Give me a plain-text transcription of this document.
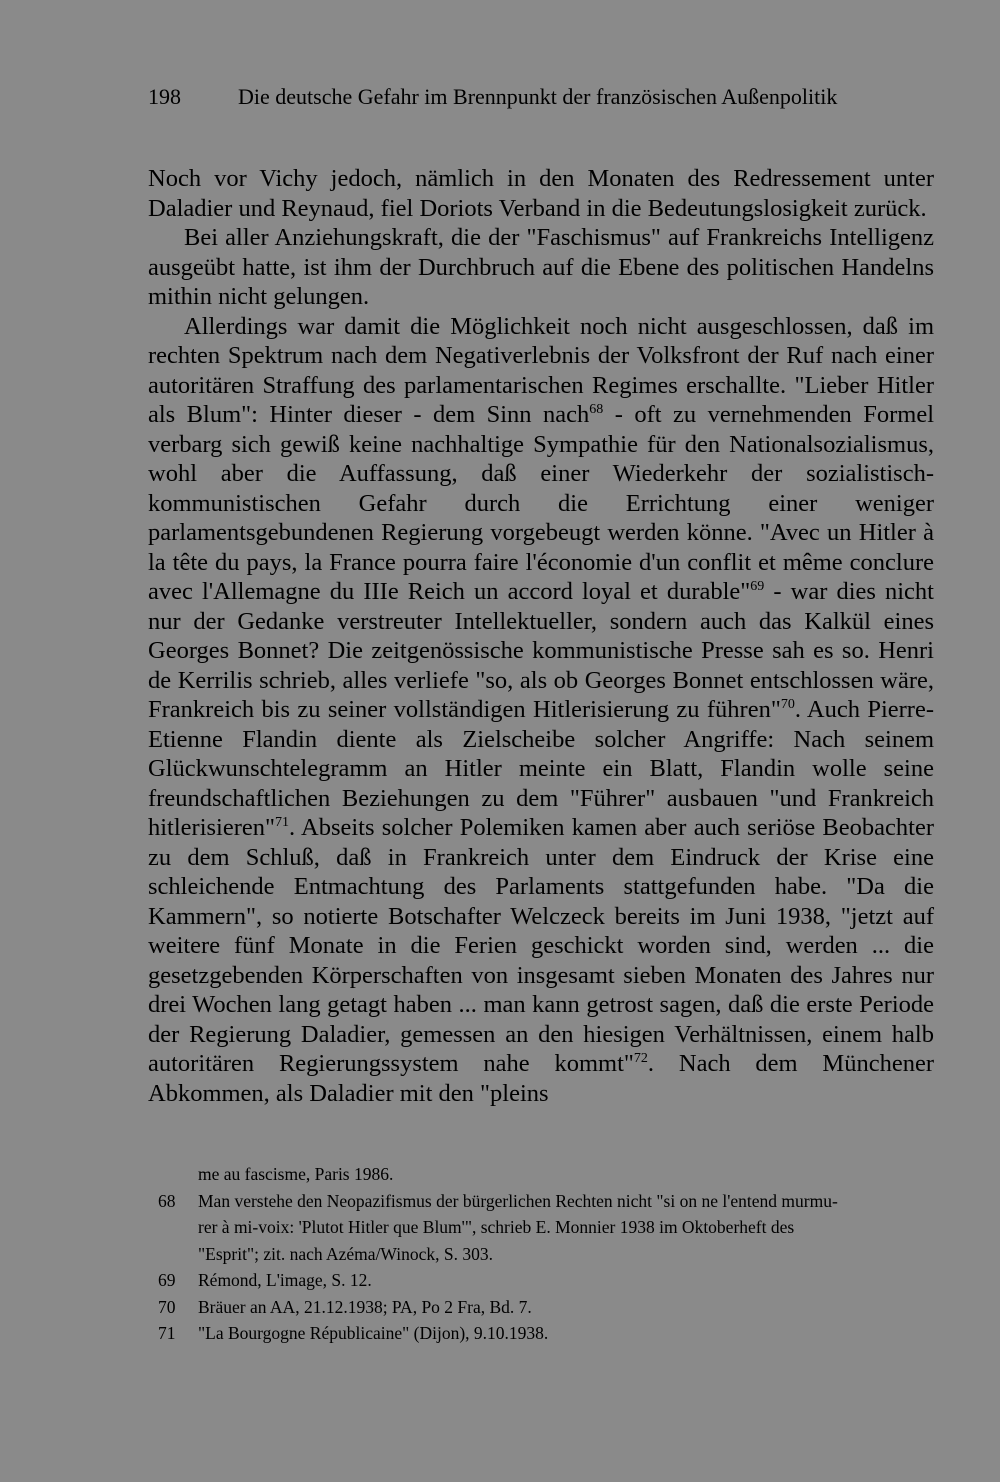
198	Die deutsche Gefahr im Brennpunkt der französischen Außenpolitik

Noch vor Vichy jedoch, nämlich in den Monaten des Redressement unter Daladier und Reynaud, fiel Doriots Verband in die Bedeutungslosigkeit zurück.

Bei aller Anziehungskraft, die der "Faschismus" auf Frankreichs Intelligenz ausgeübt hatte, ist ihm der Durchbruch auf die Ebene des politischen Handelns mithin nicht gelungen.

Allerdings war damit die Möglichkeit noch nicht ausgeschlossen, daß im rechten Spektrum nach dem Negativerlebnis der Volksfront der Ruf nach einer autoritären Straffung des parlamentarischen Regimes erschallte. "Lieber Hitler als Blum": Hinter dieser - dem Sinn nach$^{68}$ - oft zu vernehmenden Formel verbarg sich gewiß keine nachhaltige Sympathie für den Nationalsozialismus, wohl aber die Auffassung, daß einer Wiederkehr der sozialistisch-kommunistischen Gefahr durch die Errichtung einer weniger parlamentsgebundenen Regierung vorgebeugt werden könne. "Avec un Hitler à la tête du pays, la France pourra faire l'économie d'un conflit et même conclure avec l'Allemagne du IIIe Reich un accord loyal et durable"$^{69}$ - war dies nicht nur der Gedanke verstreuter Intellektueller, sondern auch das Kalkül eines Georges Bonnet? Die zeitgenössische kommunistische Presse sah es so. Henri de Kerrilis schrieb, alles verliefe "so, als ob Georges Bonnet entschlossen wäre, Frankreich bis zu seiner vollständigen Hitlerisierung zu führen"$^{70}$. Auch Pierre-Etienne Flandin diente als Zielscheibe solcher Angriffe: Nach seinem Glückwunschtelegramm an Hitler meinte ein Blatt, Flandin wolle seine freundschaftlichen Beziehungen zu dem "Führer" ausbauen "und Frankreich hitlerisieren"$^{71}$. Abseits solcher Polemiken kamen aber auch seriöse Beobachter zu dem Schluß, daß in Frankreich unter dem Eindruck der Krise eine schleichende Entmachtung des Parlaments stattgefunden habe. "Da die Kammern", so notierte Botschafter Welczeck bereits im Juni 1938, "jetzt auf weitere fünf Monate in die Ferien geschickt worden sind, werden ... die gesetzgebenden Körperschaften von insgesamt sieben Monaten des Jahres nur drei Wochen lang getagt haben ... man kann getrost sagen, daß die erste Periode der Regierung Daladier, gemessen an den hiesigen Verhältnissen, einem halb autoritären Regierungssystem nahe kommt"$^{72}$. Nach dem Münchener Abkommen, als Daladier mit den "pleins

me au fascisme, Paris 1986.
68	Man verstehe den Neopazifismus der bürgerlichen Rechten nicht "si on ne l'entend murmu-
rer à mi-voix: 'Plutot Hitler que Blum'", schrieb E. Monnier 1938 im Oktoberheft des
"Esprit"; zit. nach Azéma/Winock, S. 303.
69	Rémond, L'image, S. 12.
70	Bräuer an AA, 21.12.1938; PA, Po 2 Fra, Bd. 7.
71	"La Bourgogne Républicaine" (Dijon), 9.10.1938.
